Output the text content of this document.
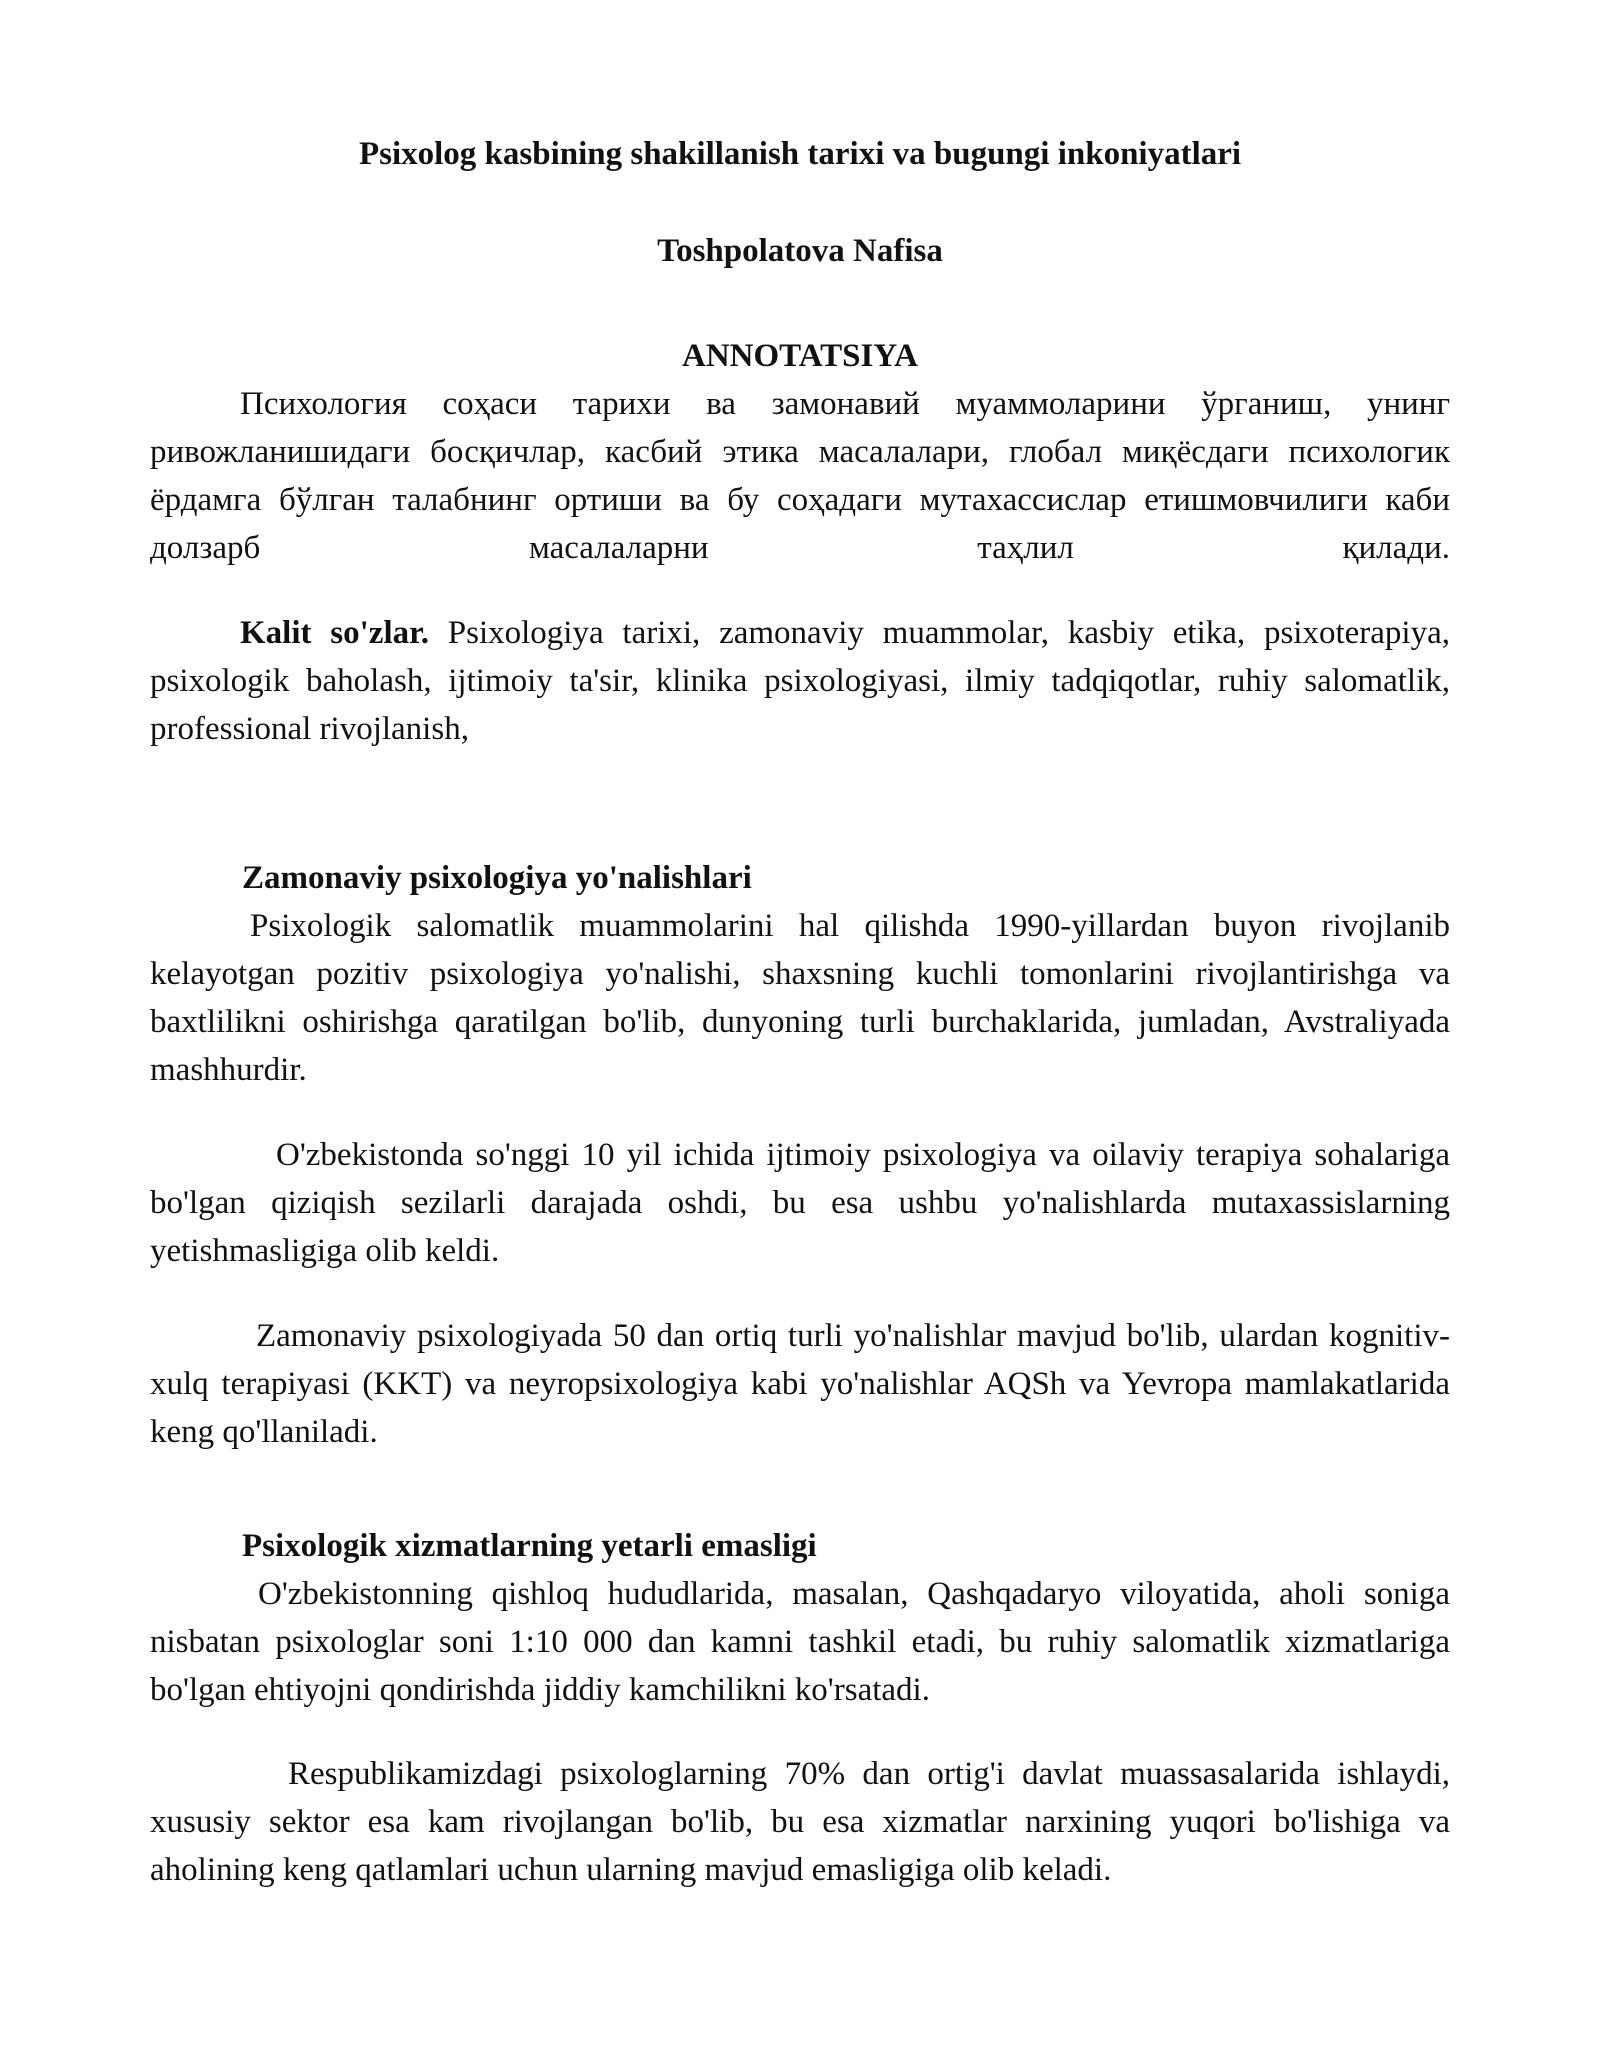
Psixolog kasbining shakillanish tarixi va bugungi inkoniyatlari
Toshpolatova Nafisa
ANNOTATSIYA
Психология соҳаси тарихи ва замонавий муаммоларини ўрганиш, унинг ривожланишидаги босқичлар, касбий этика масалалари, глобал миқёсдаги психологик ёрдамга бўлган талабнинг ортиши ва бу соҳадаги мутахассислар етишмовчилиги каби долзарб масалаларни таҳлил қилади.
Kalit so'zlar. Psixologiya tarixi, zamonaviy muammolar, kasbiy etika, psixoterapiya, psixologik baholash, ijtimoiy ta'sir, klinika psixologiyasi, ilmiy tadqiqotlar, ruhiy salomatlik, professional rivojlanish,
Zamonaviy psixologiya yo'nalishlari
Psixologik salomatlik muammolarini hal qilishda 1990-yillardan buyon rivojlanib kelayotgan pozitiv psixologiya yo'nalishi, shaxsning kuchli tomonlarini rivojlantirishga va baxtlilikni oshirishga qaratilgan bo'lib, dunyoning turli burchaklarida, jumladan, Avstraliyada mashhurdir.
O'zbekistonda so'nggi 10 yil ichida ijtimoiy psixologiya va oilaviy terapiya sohalariga bo'lgan qiziqish sezilarli darajada oshdi, bu esa ushbu yo'nalishlarda mutaxassislarning yetishmasligiga olib keldi.
Zamonaviy psixologiyada 50 dan ortiq turli yo'nalishlar mavjud bo'lib, ulardan kognitiv-xulq terapiyasi (KKT) va neyropsixologiya kabi yo'nalishlar AQSh va Yevropa mamlakatlarida keng qo'llaniladi.
Psixologik xizmatlarning yetarli emasligi
O'zbekistonning qishloq hududlarida, masalan, Qashqadaryo viloyatida, aholi soniga nisbatan psixologlar soni 1:10 000 dan kamni tashkil etadi, bu ruhiy salomatlik xizmatlariga bo'lgan ehtiyojni qondirishda jiddiy kamchilikni ko'rsatadi.
Respublikamizdagi psixologlarning 70% dan ortig'i davlat muassasalarida ishlaydi, xususiy sektor esa kam rivojlangan bo'lib, bu esa xizmatlar narxining yuqori bo'lishiga va aholining keng qatlamlari uchun ularning mavjud emasligiga olib keladi.
